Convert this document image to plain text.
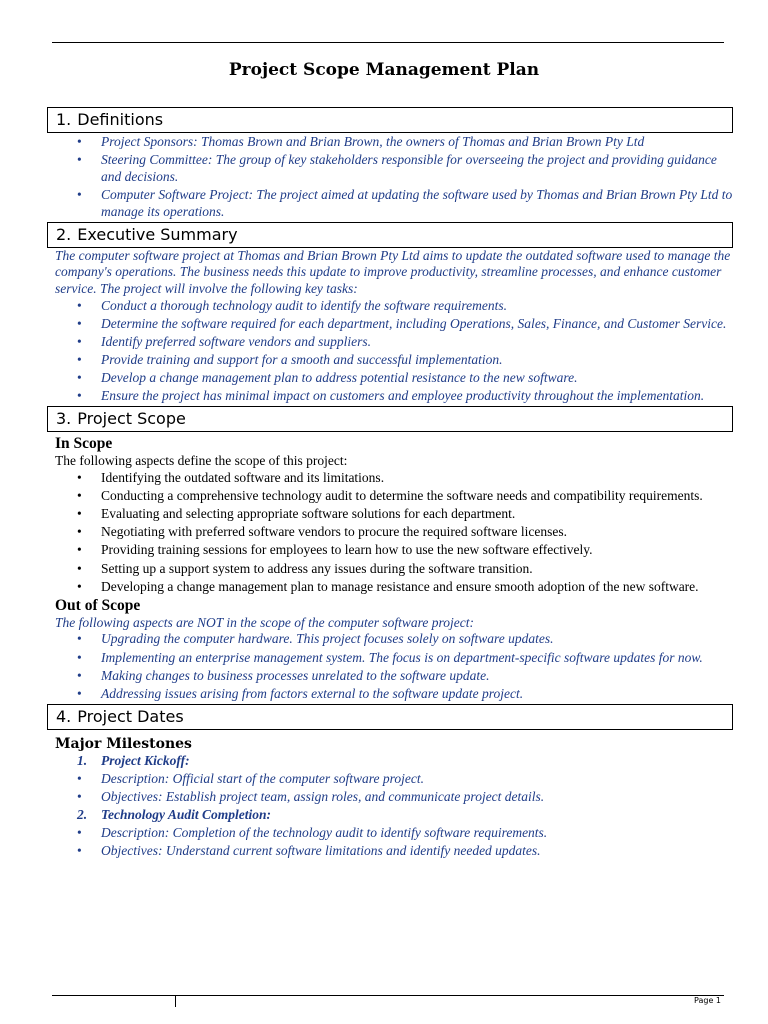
Project Scope Management Plan
1. Definitions
• Project Sponsors: Thomas Brown and Brian Brown, the owners of Thomas and Brian Brown Pty Ltd
• Steering Committee: The group of key stakeholders responsible for overseeing the project and providing guidance and decisions.
• Computer Software Project: The project aimed at updating the software used by Thomas and Brian Brown Pty Ltd to manage its operations.
2. Executive Summary
The computer software project at Thomas and Brian Brown Pty Ltd aims to update the outdated software used to manage the company's operations. The business needs this update to improve productivity, streamline processes, and enhance customer service. The project will involve the following key tasks:
• Conduct a thorough technology audit to identify the software requirements.
• Determine the software required for each department, including Operations, Sales, Finance, and Customer Service.
• Identify preferred software vendors and suppliers.
• Provide training and support for a smooth and successful implementation.
• Develop a change management plan to address potential resistance to the new software.
• Ensure the project has minimal impact on customers and employee productivity throughout the implementation.
3. Project Scope
In Scope
The following aspects define the scope of this project:
• Identifying the outdated software and its limitations.
• Conducting a comprehensive technology audit to determine the software needs and compatibility requirements.
• Evaluating and selecting appropriate software solutions for each department.
• Negotiating with preferred software vendors to procure the required software licenses.
• Providing training sessions for employees to learn how to use the new software effectively.
• Setting up a support system to address any issues during the software transition.
• Developing a change management plan to manage resistance and ensure smooth adoption of the new software.
Out of Scope
The following aspects are NOT in the scope of the computer software project:
• Upgrading the computer hardware. This project focuses solely on software updates.
• Implementing an enterprise management system. The focus is on department-specific software updates for now.
• Making changes to business processes unrelated to the software update.
• Addressing issues arising from factors external to the software update project.
4. Project Dates
Major Milestones
1. Project Kickoff:
• Description: Official start of the computer software project.
• Objectives: Establish project team, assign roles, and communicate project details.
2. Technology Audit Completion:
• Description: Completion of the technology audit to identify software requirements.
• Objectives: Understand current software limitations and identify needed updates.
Page 1
